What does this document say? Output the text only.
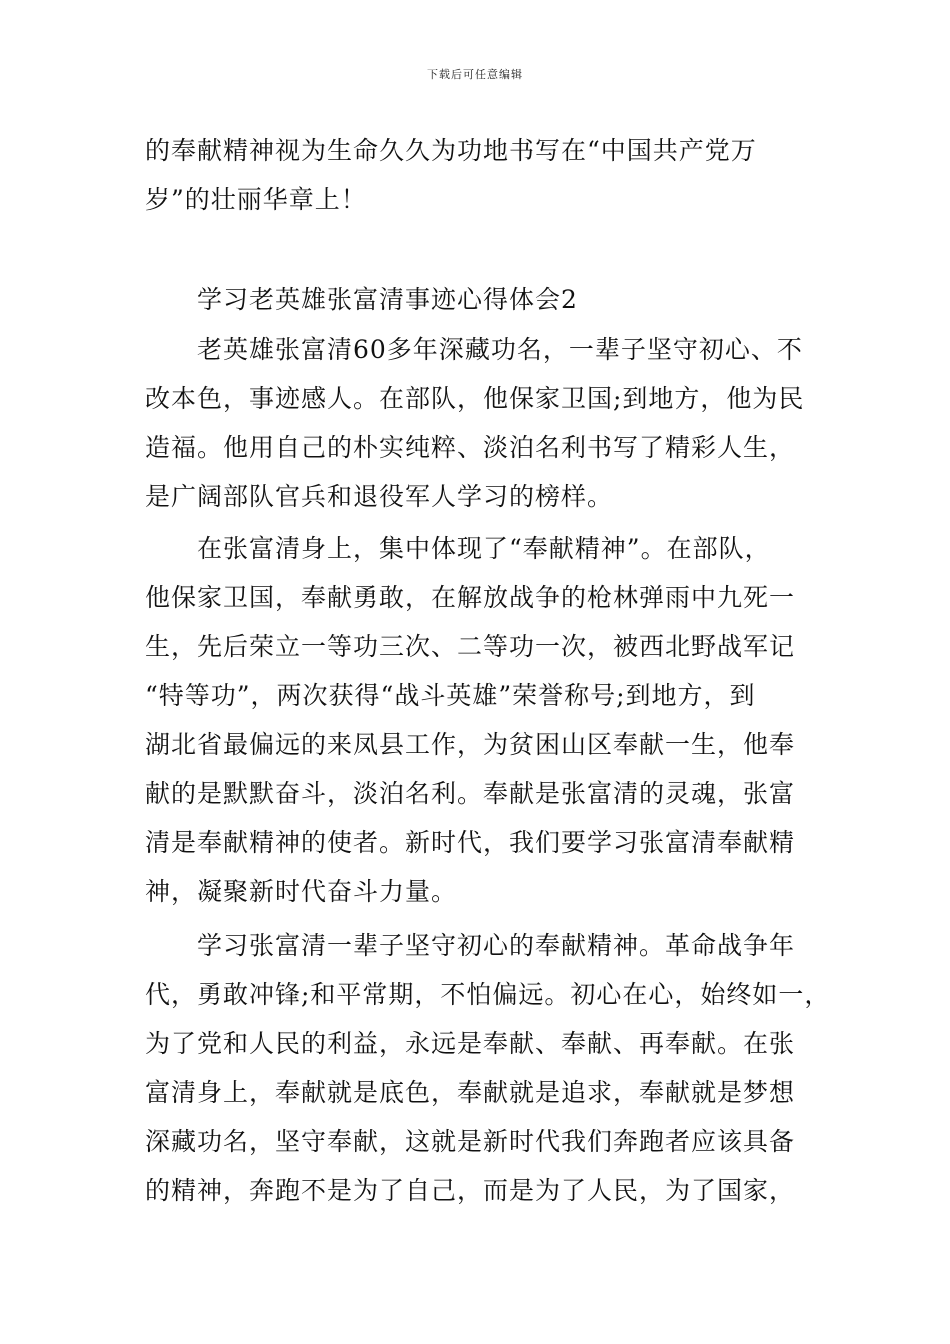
下载后可任意编辑
的奉献精神视为生命久久为功地书写在“中国共产党万
岁”的壮丽华章上！
学习老英雄张富清事迹心得体会2
　　老英雄张富清60多年深藏功名，一辈子坚守初心、不
改本色，事迹感人。在部队，他保家卫国;到地方，他为民
造福。他用自己的朴实纯粹、淡泊名利书写了精彩人生，
是广阔部队官兵和退役军人学习的榜样。
　　在张富清身上，集中体现了“奉献精神”。在部队，
他保家卫国，奉献勇敢，在解放战争的枪林弹雨中九死一
生，先后荣立一等功三次、二等功一次，被西北野战军记
“特等功”，两次获得“战斗英雄”荣誉称号;到地方，到
湖北省最偏远的来凤县工作，为贫困山区奉献一生，他奉
献的是默默奋斗，淡泊名利。奉献是张富清的灵魂，张富
清是奉献精神的使者。新时代，我们要学习张富清奉献精
神，凝聚新时代奋斗力量。
　　学习张富清一辈子坚守初心的奉献精神。革命战争年
代，勇敢冲锋;和平常期，不怕偏远。初心在心，始终如一，
为了党和人民的利益，永远是奉献、奉献、再奉献。在张
富清身上，奉献就是底色，奉献就是追求，奉献就是梦想
深藏功名，坚守奉献，这就是新时代我们奔跑者应该具备
的精神，奔跑不是为了自己，而是为了人民，为了国家，
